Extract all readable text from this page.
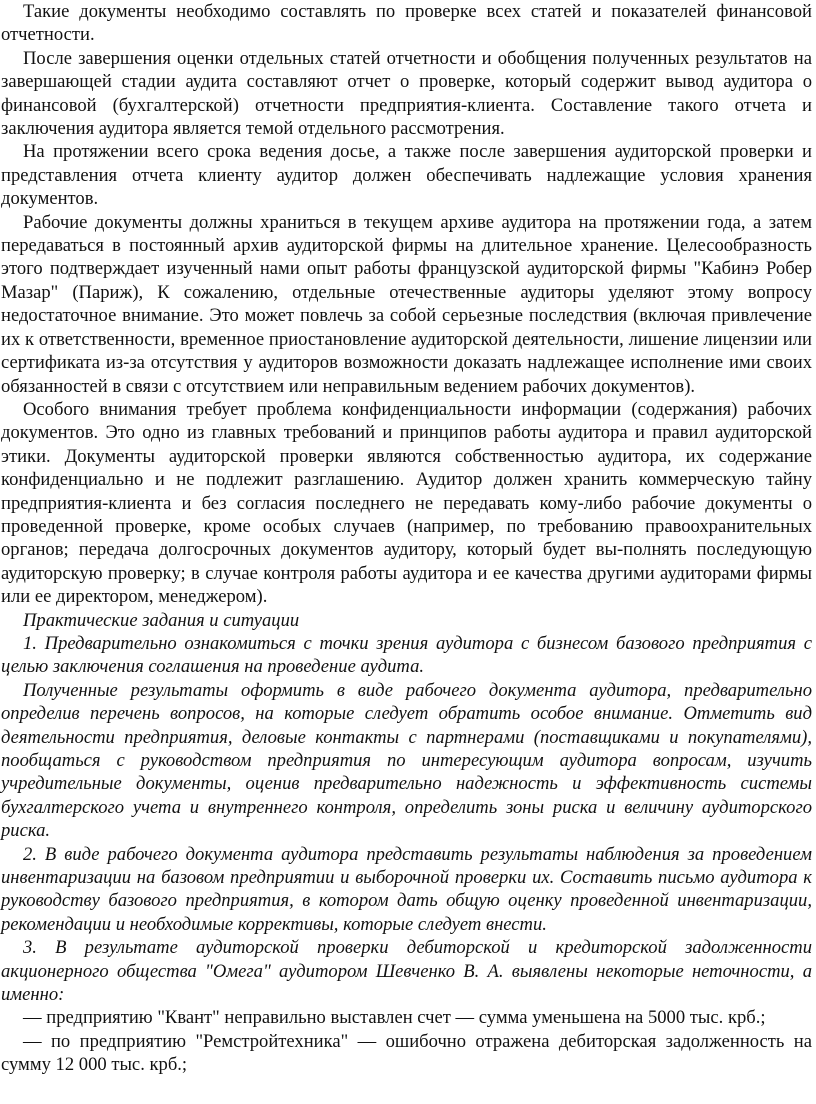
Такие документы необходимо составлять по проверке всех статей и показателей финансовой отчетности.

После завершения оценки отдельных статей отчетности и обобщения полученных результатов на завершающей стадии аудита составляют отчет о проверке, который содержит вывод аудитора о финансовой (бухгалтерской) отчетности предприятия-клиента. Составление такого отчета и заключения аудитора является темой отдельного рассмотрения.

На протяжении всего срока ведения досье, а также после завершения аудиторской проверки и представления отчета клиенту аудитор должен обеспечивать надлежащие условия хранения документов.

Рабочие документы должны храниться в текущем архиве аудитора на протяжении года, а затем передаваться в постоянный архив аудиторской фирмы на длительное хранение. Целесообразность этого подтверждает изученный нами опыт работы французской аудиторской фирмы "Кабинэ Робер Мазар" (Париж), К сожалению, отдельные отечественные аудиторы уделяют этому вопросу недостаточное внимание. Это может повлечь за собой серьезные последствия (включая привлечение их к ответственности, временное приостановление аудиторской деятельности, лишение лицензии или сертификата из-за отсутствия у аудиторов возможности доказать надлежащее исполнение ими своих обязанностей в связи с отсутствием или неправильным ведением рабочих документов).

Особого внимания требует проблема конфиденциальности информации (содержания) рабочих документов. Это одно из главных требований и принципов работы аудитора и правил аудиторской этики. Документы аудиторской проверки являются собственностью аудитора, их содержание конфиденциально и не подлежит разглашению. Аудитор должен хранить коммерческую тайну предприятия-клиента и без согласия последнего не передавать кому-либо рабочие документы о проведенной проверке, кроме особых случаев (например, по требованию правоохранительных органов; передача долгосрочных документов аудитору, который будет вы-полнять последующую аудиторскую проверку; в случае контроля работы аудитора и ее качества другими аудиторами фирмы или ее директором, менеджером).

Практические задания и ситуации

1. Предварительно ознакомиться с точки зрения аудитора с бизнесом базового предприятия с целью заключения соглашения на проведение аудита.

Полученные результаты оформить в виде рабочего документа аудитора, предварительно определив перечень вопросов, на которые следует обратить особое внимание. Отметить вид деятельности предприятия, деловые контакты с партнерами (поставщиками и покупателями), пообщаться с руководством предприятия по интересующим аудитора вопросам, изучить учредительные документы, оценив предварительно надежность и эффективность системы бухгалтерского учета и внутреннего контроля, определить зоны риска и величину аудиторского риска.

2. В виде рабочего документа аудитора представить результаты наблюдения за проведением инвентаризации на базовом предприятии и выборочной проверки их. Составить письмо аудитора к руководству базового предприятия, в котором дать общую оценку проведенной инвентаризации, рекомендации и необходимые коррективы, которые следует внести.

3. В результате аудиторской проверки дебиторской и кредиторской задолженности акционерного общества "Омега" аудитором Шевченко В. А. выявлены некоторые неточности, а именно:

— предприятию "Квант" неправильно выставлен счет — сумма уменьшена на 5000 тыс. крб.;

— по предприятию "Ремстройтехника" — ошибочно отражена дебиторская задолженность на сумму 12 000 тыс. крб.;
